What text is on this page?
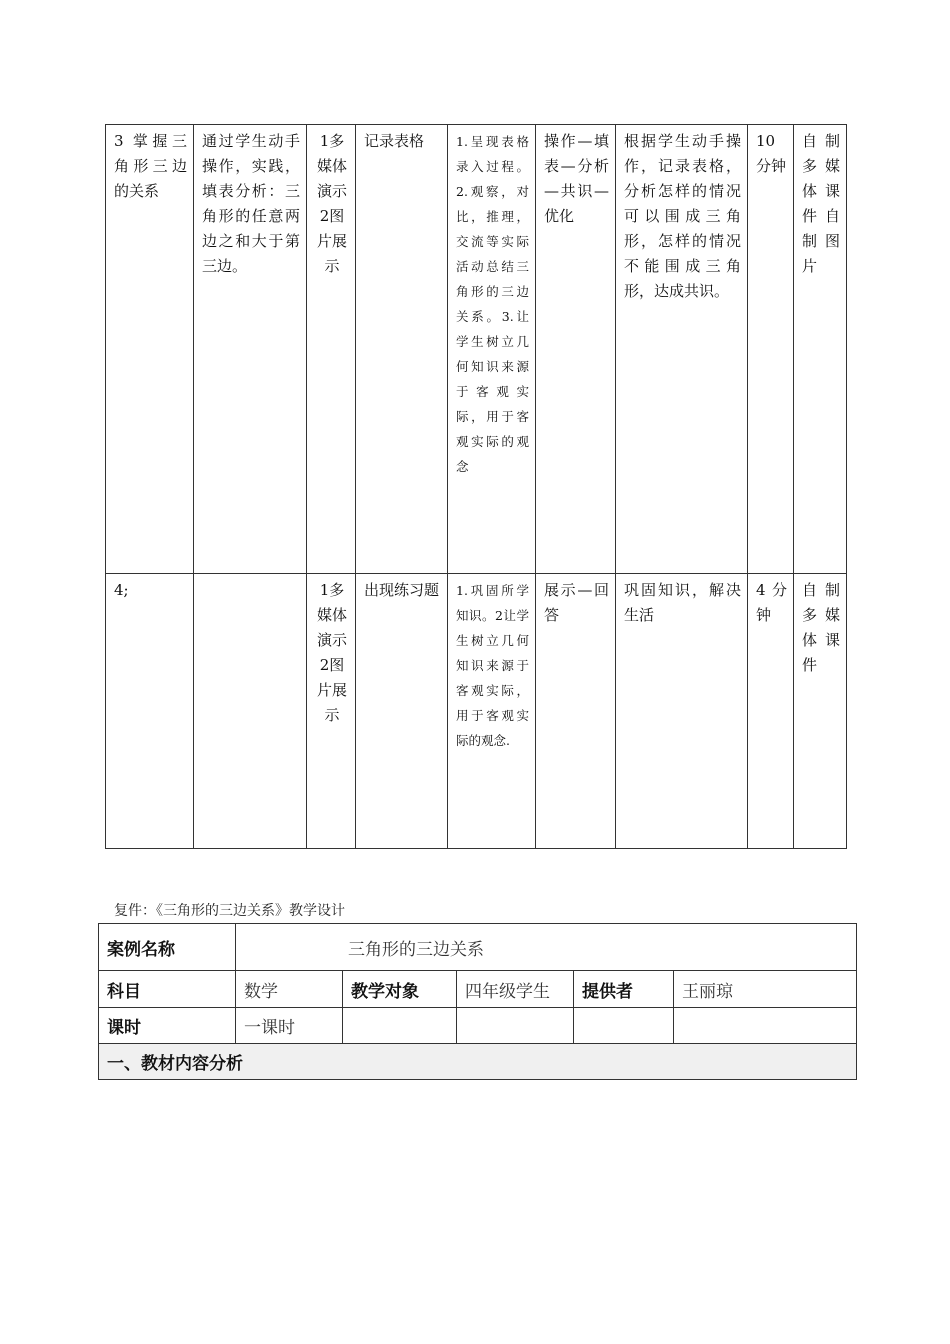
3 掌握三角形三边的关系	通过学生动手操作，实践，填表分析：三角形的任意两边之和大于第三边。	1多媒体演示2图片展示	记录表格	1.呈现表格录入过程。2.观察，对比，推理，交流等实际活动总结三角形的三边关系。3.让学生树立几何知识来源于客观实际，用于客观实际的观念	操作—填表—分析—共识—优化	根据学生动手操作，记录表格，分析怎样的情况可以围成三角形，怎样的情况不能围成三角形，达成共识。	10分钟	自制多媒体课件自制图片
4;		1多媒体演示2图片展示	出现练习题	1.巩固所学知识。2让学生树立几何知识来源于客观实际，用于客观实际的观念.	展示—回答	巩固知识，解决生活	4分钟	自制多媒体课件
复件：《三角形的三边关系》教学设计
案例名称	三角形的三边关系				
科目	数学	教学对象	四年级学生	提供者	王丽琼
课时	一课时				
一、教材内容分析					
